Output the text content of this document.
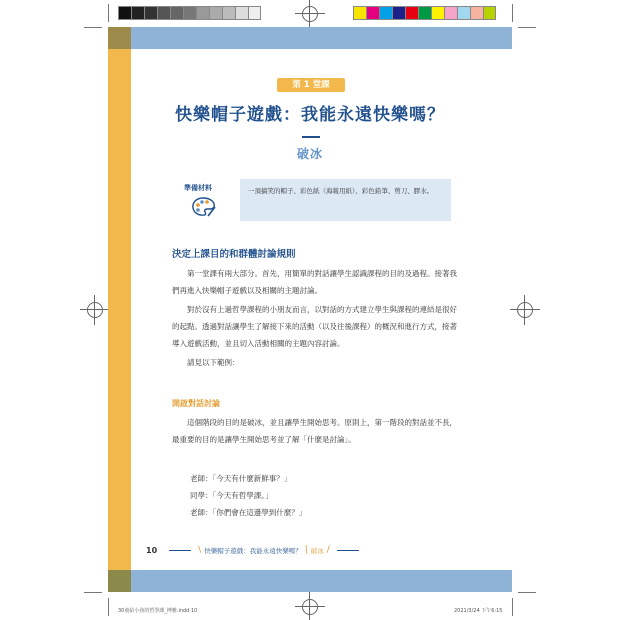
第 1 堂課
快樂帽子遊戲：我能永遠快樂嗎？
破冰
準備材料	一頂搞笑的帽子、彩色紙（海報用紙）、彩色鉛筆、剪刀、膠水。
決定上課目的和群體討論規則

第一堂課有兩大部分。首先，用簡單的對話讓學生認識課程的目的及過程。接著我們再進入快樂帽子遊戲以及相關的主題討論。

對於沒有上過哲學課程的小朋友而言，以對話的方式建立學生與課程的連結是很好的起點。透過對話讓學生了解接下來的活動（以及往後課程）的概況和進行方式，接著導入遊戲活動，並且切入活動相關的主題內容討論。

請見以下範例：

開啟對話討論

這個階段的目的是破冰，並且讓學生開始思考。原則上，第一階段的對話並不長，最重要的目的是讓學生開始思考並了解「什麼是討論」。

老師：「今天有什麼新鮮事？」
同學：「今天有哲學課。」
老師：「你們會在這邊學到什麼？」
10	\ 快樂帽子遊戲：我能永遠快樂嗎？ | 破冰 /
30童給小孩的哲學課_博雅.indd 10	2021/3/24 下午6:15
